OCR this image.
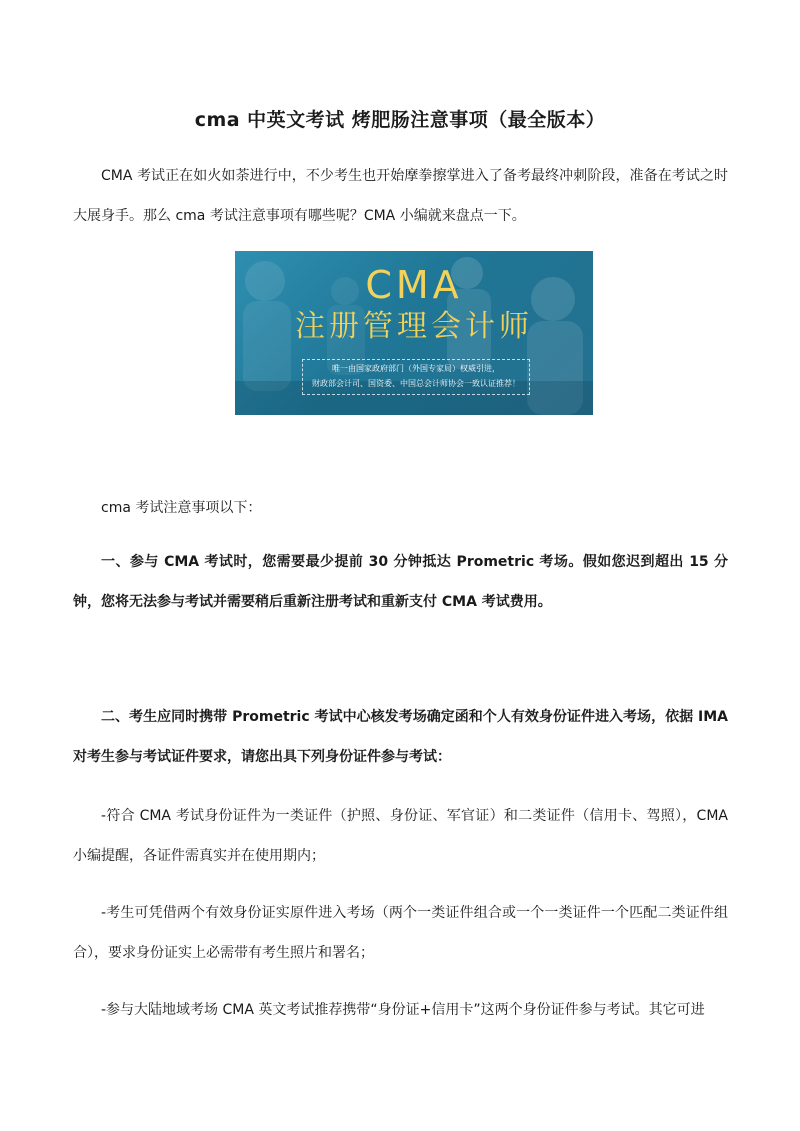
cma 中英文考试 烤肥肠注意事项（最全版本）
CMA 考试正在如火如荼进行中，不少考生也开始摩拳擦掌进入了备考最终冲刺阶段，准备在考试之时大展身手。那么 cma 考试注意事项有哪些呢？CMA 小编就来盘点一下。
CMA
注册管理会计师
唯一由国家政府部门（外国专家局）权威引进，
财政部会计司、国资委、中国总会计师协会一致认证推荐！
cma 考试注意事项以下：
一、参与 CMA 考试时，您需要最少提前 30 分钟抵达 Prometric 考场。假如您迟到超出 15 分钟，您将无法参与考试并需要稍后重新注册考试和重新支付 CMA 考试费用。
二、考生应同时携带 Prometric 考试中心核发考场确定函和个人有效身份证件进入考场，依据 IMA 对考生参与考试证件要求，请您出具下列身份证件参与考试：
-符合 CMA 考试身份证件为一类证件（护照、身份证、军官证）和二类证件（信用卡、驾照），CMA 小编提醒，各证件需真实并在使用期内；
-考生可凭借两个有效身份证实原件进入考场（两个一类证件组合或一个一类证件一个匹配二类证件组合），要求身份证实上必需带有考生照片和署名；
-参与大陆地域考场 CMA 英文考试推荐携带“身份证+信用卡”这两个身份证件参与考试。其它可进
